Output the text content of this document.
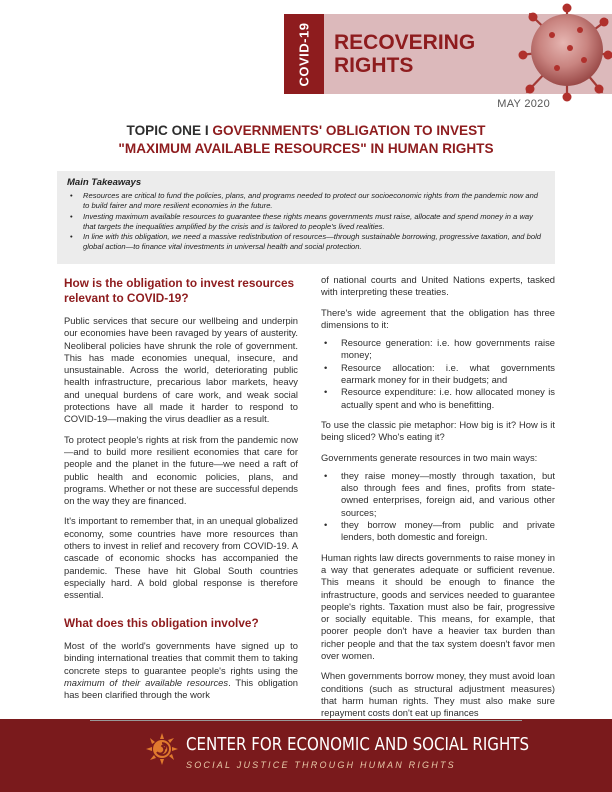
COVID-19 RECOVERING
RIGHTS
MAY 2020
TOPIC ONE I GOVERNMENTS' OBLIGATION TO INVEST
"MAXIMUM AVAILABLE RESOURCES" IN HUMAN RIGHTS
Main Takeaways
• Resources are critical to fund the policies, plans, and programs needed to protect our socioeconomic rights from the pandemic now and to build fairer and more resilient economies in the future.
• Investing maximum available resources to guarantee these rights means governments must raise, allocate and spend money in a way that targets the inequalities amplified by the crisis and is tailored to people's lived realities.
• In line with this obligation, we need a massive redistribution of resources—through sustainable borrowing, progressive taxation, and bold global action—to finance vital investments in universal health and social protection.
How is the obligation to invest resources relevant to COVID-19?

Public services that secure our wellbeing and underpin our economies have been ravaged by years of austerity. Neoliberal policies have shrunk the role of government. This has made economies unequal, insecure, and unsustainable. Across the world, deteriorating public health infrastructure, precarious labor markets, heavy and unequal burdens of care work, and weak social protections have all made it harder to respond to COVID-19—making the virus deadlier as a result.

To protect people's rights at risk from the pandemic now—and to build more resilient economies that care for people and the planet in the future—we need a raft of public health and economic policies, plans, and programs. Whether or not these are successful depends on the way they are financed.

It's important to remember that, in an unequal globalized economy, some countries have more resources than others to invest in relief and recovery from COVID-19. A cascade of economic shocks has accompanied the pandemic. These have hit Global South countries especially hard. A bold global response is therefore essential.

What does this obligation involve?

Most of the world's governments have signed up to binding international treaties that commit them to taking concrete steps to guarantee people's rights using the maximum of their available resources. This obligation has been clarified through the work

of national courts and United Nations experts, tasked with interpreting these treaties.

There's wide agreement that the obligation has three dimensions to it:

• Resource generation: i.e. how governments raise money;
• Resource allocation: i.e. what governments earmark money for in their budgets; and
• Resource expenditure: i.e. how allocated money is actually spent and who is benefitting.

To use the classic pie metaphor: How big is it? How is it being sliced? Who's eating it?

Governments generate resources in two main ways:

• they raise money—mostly through taxation, but also through fees and fines, profits from state-owned enterprises, foreign aid, and various other sources;
• they borrow money—from public and private lenders, both domestic and foreign.

Human rights law directs governments to raise money in a way that generates adequate or sufficient revenue. This means it should be enough to finance the infrastructure, goods and services needed to guarantee people's rights. Taxation must also be fair, progressive or socially equitable. This means, for example, that poorer people don't have a heavier tax burden than richer people and that the tax system doesn't favor men over women.

When governments borrow money, they must avoid loan conditions (such as structural adjustment measures) that harm human rights. They must also make sure repayment costs don't eat up finances

CENTER FOR ECONOMIC AND SOCIAL RIGHTS
SOCIAL JUSTICE THROUGH HUMAN RIGHTS
